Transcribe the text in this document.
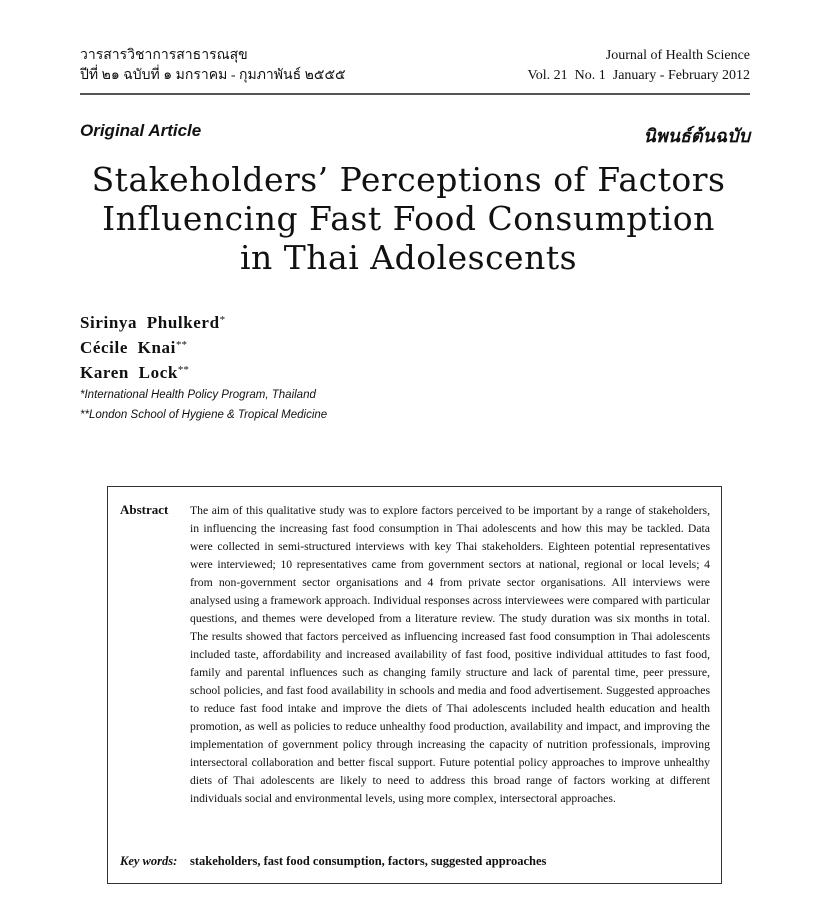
วารสารวิชาการสาธารณสุข
ปีที่ ๒๑ ฉบับที่ ๑ มกราคม - กุมภาพันธ์ ๒๕๕๕
Journal of Health Science
Vol. 21  No. 1  January - February 2012
Original Article	นิพนธ์ต้นฉบับ
Stakeholders’ Perceptions of Factors
Influencing Fast Food Consumption
in Thai Adolescents
Sirinya  Phulkerd*
Cécile  Knai**
Karen  Lock**
*International Health Policy Program, Thailand
**London School of Hygiene & Tropical Medicine
Abstract The aim of this qualitative study was to explore factors perceived to be important by a range of stakeholders, in influencing the increasing fast food consumption in Thai adolescents and how this may be tackled. Data were collected in semi-structured interviews with key Thai stakeholders. Eighteen potential representatives were interviewed; 10 representatives came from government sectors at national, regional or local levels; 4 from non-government sector organisations and 4 from private sector organisations. All interviews were analysed using a framework approach. Individual responses across interviewees were compared with particular questions, and themes were developed from a literature review. The study duration was six months in total. The results showed that factors perceived as influencing increased fast food consumption in Thai adolescents included taste, affordability and increased availability of fast food, positive individual attitudes to fast food, family and parental influences such as changing family structure and lack of parental time, peer pressure, school policies, and fast food availability in schools and media and food advertisement. Suggested approaches to reduce fast food intake and improve the diets of Thai adolescents included health education and health promotion, as well as policies to reduce unhealthy food production, availability and impact, and improving the implementation of government policy through increasing the capacity of nutrition professionals, improving intersectoral collaboration and better fiscal support. Future potential policy approaches to improve unhealthy diets of Thai adolescents are likely to need to address this broad range of factors working at different individuals social and environmental levels, using more complex, intersectoral approaches.
Key words: stakeholders, fast food consumption, factors, suggested approaches
